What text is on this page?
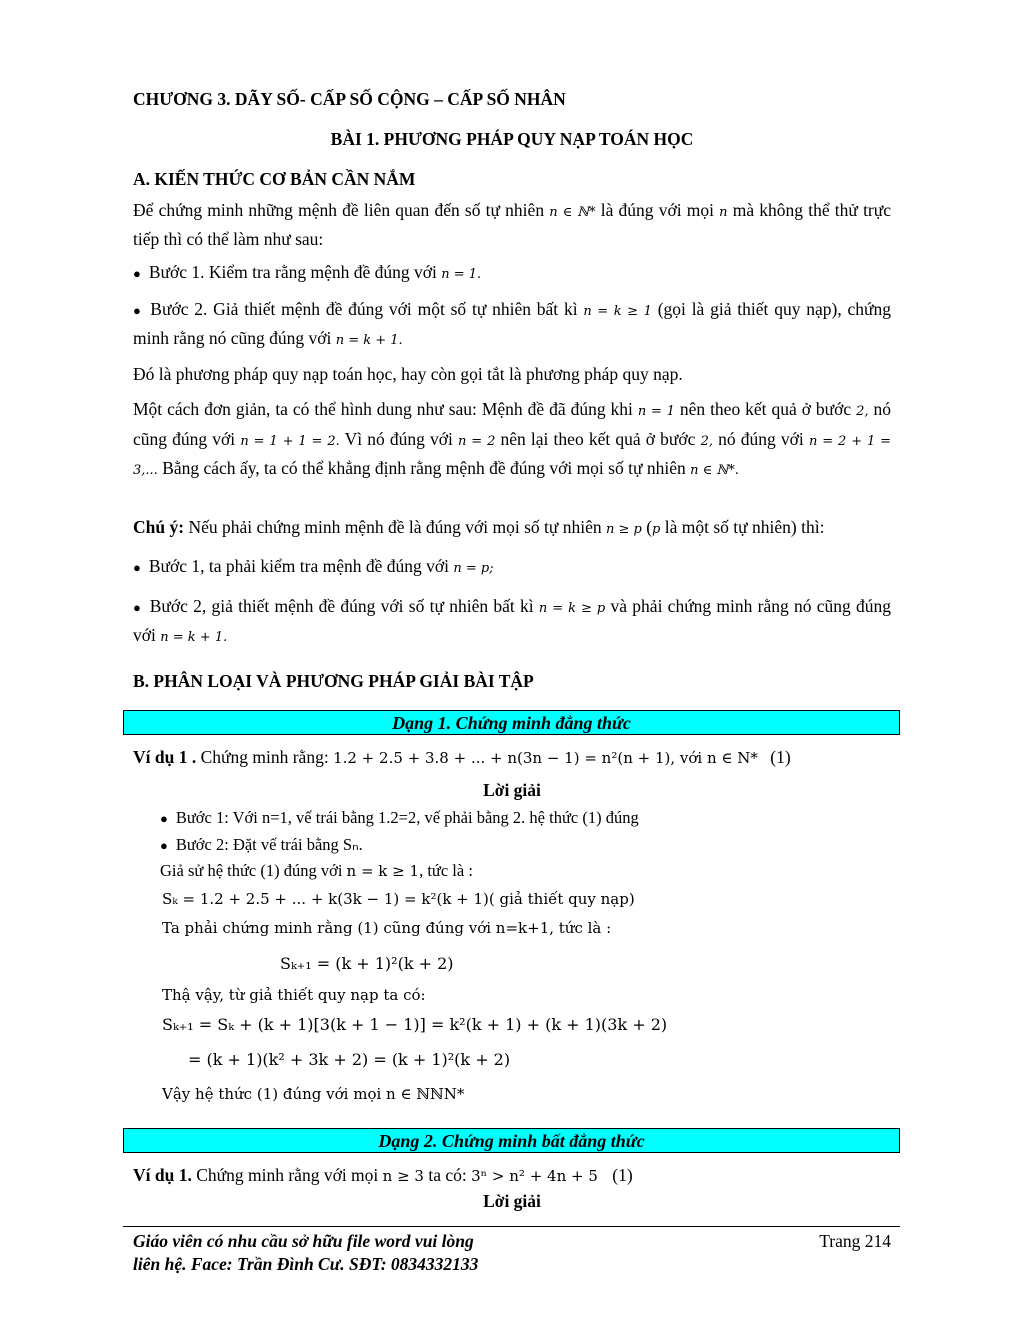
CHƯƠNG 3. DÃY SỐ- CẤP SỐ CỘNG – CẤP SỐ NHÂN
BÀI 1. PHƯƠNG PHÁP QUY NẠP TOÁN HỌC
A. KIẾN THỨC CƠ BẢN CẦN NẮM
Để chứng minh những mệnh đề liên quan đến số tự nhiên n ∈ ℕ* là đúng với mọi n mà không thể thử trực tiếp thì có thể làm như sau:
● Bước 1. Kiểm tra rằng mệnh đề đúng với n = 1.
● Bước 2. Giả thiết mệnh đề đúng với một số tự nhiên bất kì n = k ≥ 1 (gọi là giả thiết quy nạp), chứng minh rằng nó cũng đúng với n = k + 1.
Đó là phương pháp quy nạp toán học, hay còn gọi tắt là phương pháp quy nạp.
Một cách đơn giản, ta có thể hình dung như sau: Mệnh đề đã đúng khi n = 1 nên theo kết quả ở bước 2, nó cũng đúng với n = 1 + 1 = 2. Vì nó đúng với n = 2 nên lại theo kết quả ở bước 2, nó đúng với n = 2 + 1 = 3,... Bằng cách ấy, ta có thể khẳng định rằng mệnh đề đúng với mọi số tự nhiên n ∈ ℕ*.
Chú ý: Nếu phải chứng minh mệnh đề là đúng với mọi số tự nhiên n ≥ p (p là một số tự nhiên) thì:
● Bước 1, ta phải kiểm tra mệnh đề đúng với n = p;
● Bước 2, giả thiết mệnh đề đúng với số tự nhiên bất kì n = k ≥ p và phải chứng minh rằng nó cũng đúng với n = k + 1.
B. PHÂN LOẠI VÀ PHƯƠNG PHÁP GIẢI BÀI TẬP
Dạng 1. Chứng minh đẳng thức
Ví dụ 1 . Chứng minh rằng: 1.2 + 2.5 + 3.8 + ... + n(3n − 1) = n²(n + 1), với n ∈ N* (1)
Lời giải
● Bước 1: Với n=1, vế trái bằng 1.2=2, vế phải bằng 2. hệ thức (1) đúng
● Bước 2: Đặt vế trái bằng Sₙ.
Giả sử hệ thức (1) đúng với n = k ≥ 1, tức là :
Sₖ = 1.2 + 2.5 + ... + k(3k − 1) = k²(k + 1)( giả thiết quy nạp)
Ta phải chứng minh rằng (1) cũng đúng với n=k+1, tức là :
Sₖ₊₁ = (k + 1)²(k + 2)
Thậ vậy, từ giả thiết quy nạp ta có:
Sₖ₊₁ = Sₖ + (k + 1)[3(k + 1 − 1)] = k²(k + 1) + (k + 1)(3k + 2)
= (k + 1)(k² + 3k + 2) = (k + 1)²(k + 2)
Vậy hệ thức (1) đúng với mọi n ∈ ℕℕN*
Dạng 2. Chứng minh bất đẳng thức
Ví dụ 1. Chứng minh rằng với mọi n ≥ 3 ta có: 3ⁿ > n² + 4n + 5 (1)
Lời giải
Giáo viên có nhu cầu sở hữu file word vui lòng
liên hệ. Face: Trần Đình Cư. SĐT: 0834332133
Trang 214
